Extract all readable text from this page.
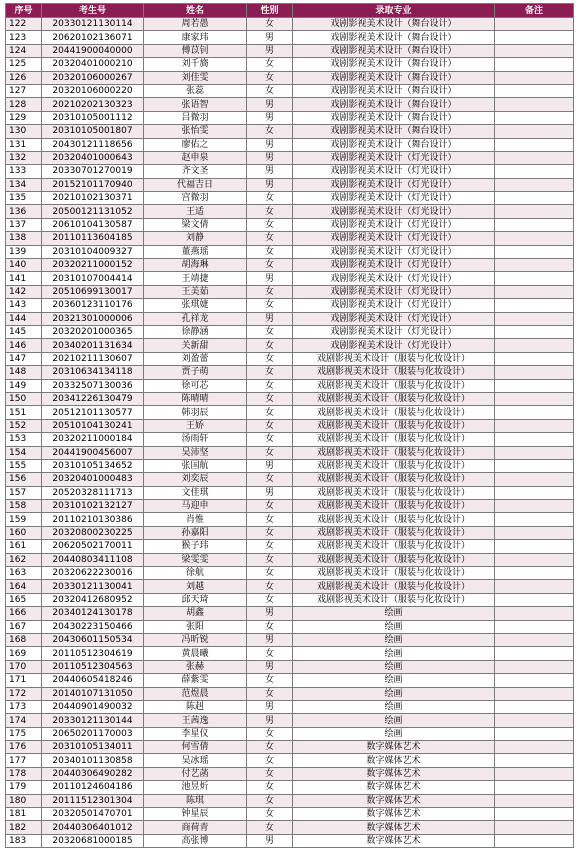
序号	考生号	姓名	性别	录取专业	备注
122	20330121130114	周若愚	女	戏剧影视美术设计（舞台设计）	
123	20620102136071	康家玮	男	戏剧影视美术设计（舞台设计）	
124	20441900040000	傅苡钊	男	戏剧影视美术设计（舞台设计）	
125	20320401000210	刘千旖	女	戏剧影视美术设计（舞台设计）	
126	20320106000267	刘佳雯	女	戏剧影视美术设计（舞台设计）	
127	20320106000220	张蕊	女	戏剧影视美术设计（舞台设计）	
128	20210202130323	张语智	男	戏剧影视美术设计（舞台设计）	
129	20310105001112	吕微羽	男	戏剧影视美术设计（舞台设计）	
130	20310105001807	张怡雯	女	戏剧影视美术设计（舞台设计）	
131	20430121118656	廖佑之	男	戏剧影视美术设计（舞台设计）	
132	20320401000643	赵申泉	男	戏剧影视美术设计（灯光设计）	
133	20330701270019	齐文圣	男	戏剧影视美术设计（灯光设计）	
134	20152101170940	代福吉日	男	戏剧影视美术设计（灯光设计）	
135	20210102130371	宫微羽	女	戏剧影视美术设计（灯光设计）	
136	20500121131052	王适	女	戏剧影视美术设计（灯光设计）	
137	20610104130587	梁文倩	女	戏剧影视美术设计（灯光设计）	
138	20110113604185	刘静	女	戏剧影视美术设计（灯光设计）	
139	20310104009327	董燕瑶	女	戏剧影视美术设计（灯光设计）	
140	20320211000152	胡海琳	女	戏剧影视美术设计（灯光设计）	
141	20310107004414	王靖捷	男	戏剧影视美术设计（灯光设计）	
142	20510699130017	王美茹	女	戏剧影视美术设计（灯光设计）	
143	20360123110176	张琪婕	女	戏剧影视美术设计（灯光设计）	
144	20321301000006	孔祥龙	男	戏剧影视美术设计（灯光设计）	
145	20320201000365	徐静涵	女	戏剧影视美术设计（灯光设计）	
146	20340201131634	关新甜	女	戏剧影视美术设计（灯光设计）	
147	20210211130607	刘盈蕾	女	戏剧影视美术设计（服装与化妆设计）	
148	20310634134118	贾子萌	女	戏剧影视美术设计（服装与化妆设计）	
149	20332507130036	徐可芯	女	戏剧影视美术设计（服装与化妆设计）	
150	20341226130479	陈晴晴	女	戏剧影视美术设计（服装与化妆设计）	
151	20512101130577	韩羽辰	女	戏剧影视美术设计（服装与化妆设计）	
152	20510104130241	王娇	女	戏剧影视美术设计（服装与化妆设计）	
153	20320211000184	汤雨轩	女	戏剧影视美术设计（服装与化妆设计）	
154	20441900456007	吴沛坚	女	戏剧影视美术设计（服装与化妆设计）	
155	20310105134652	张国航	男	戏剧影视美术设计（服装与化妆设计）	
156	20320401000483	刘奕辰	女	戏剧影视美术设计（服装与化妆设计）	
157	20520328111713	文佳琪	男	戏剧影视美术设计（服装与化妆设计）	
158	20310102132127	马迎申	女	戏剧影视美术设计（服装与化妆设计）	
159	20110210130386	肖惟	女	戏剧影视美术设计（服装与化妆设计）	
160	20320800230225	孙嘉阳	女	戏剧影视美术设计（服装与化妆设计）	
161	20620502170011	猴子玮	女	戏剧影视美术设计（服装与化妆设计）	
162	20440803411108	梁雯雯	女	戏剧影视美术设计（服装与化妆设计）	
163	20320622230016	徐航	女	戏剧影视美术设计（服装与化妆设计）	
164	20330121130041	刘越	女	戏剧影视美术设计（服装与化妆设计）	
165	20320412680952	邱天琦	女	戏剧影视美术设计（服装与化妆设计）	
166	20340124130178	胡鑫	男	绘画	
167	20430223150466	张阳	女	绘画	
168	20430601150534	冯昕锐	男	绘画	
169	20110512304619	黄晨曦	女	绘画	
170	20110512304563	张赫	男	绘画	
171	20440605418246	薛紫雯	女	绘画	
172	20140107131050	范煜晨	女	绘画	
173	20440901490032	陈赳	男	绘画	
174	20330121130144	王茜逸	男	绘画	
175	20650201170003	李星仪	女	绘画	
176	20310105134011	何雪倩	女	数字媒体艺术	
177	20340101130858	吴冰瑶	女	数字媒体艺术	
178	20440306490282	付艺菡	女	数字媒体艺术	
179	20110124604186	池昱炘	女	数字媒体艺术	
180	20111512301304	陈琪	女	数字媒体艺术	
181	20320501470701	钟星辰	女	数字媒体艺术	
182	20440306401012	商荷青	女	数字媒体艺术	
183	20320681000185	高张博	男	数字媒体艺术	
